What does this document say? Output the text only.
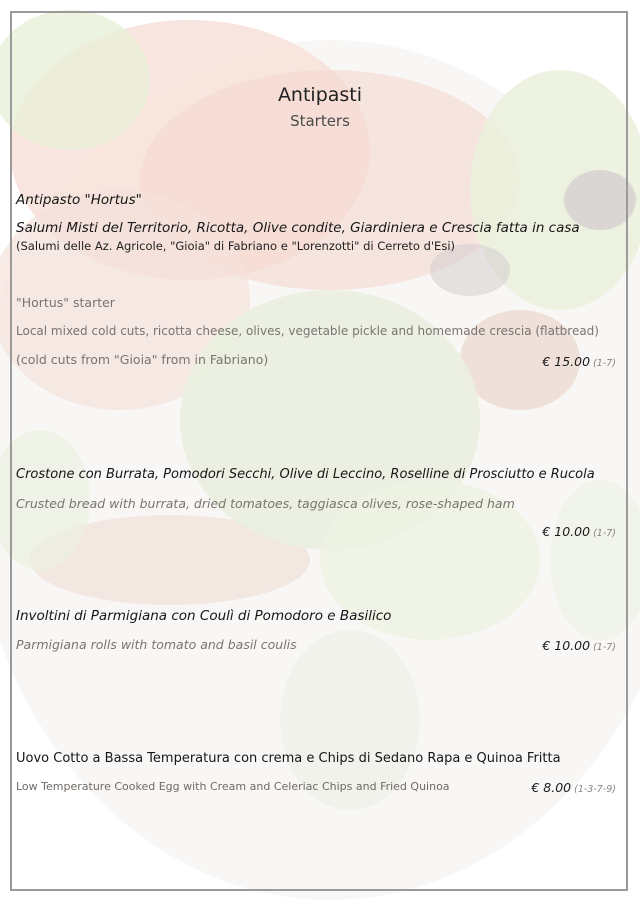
Antipasti
Starters
Antipasto "Hortus"
Salumi Misti del Territorio, Ricotta, Olive condite, Giardiniera e Crescia fatta in casa
(Salumi delle Az. Agricole, "Gioia" di Fabriano e "Lorenzotti" di Cerreto d'Esi)
"Hortus" starter
Local mixed cold cuts, ricotta cheese, olives, vegetable pickle and homemade crescia (flatbread)
(cold cuts from "Gioia" from in Fabriano)	€ 15.00 (1-7)
Crostone con Burrata, Pomodori Secchi, Olive di Leccino, Roselline di Prosciutto e Rucola
Crusted bread with burrata, dried tomatoes, taggiasca olives, rose-shaped ham
€ 10.00 (1-7)
Involtini di Parmigiana con Coulì di Pomodoro e Basilico
Parmigiana rolls with tomato and basil coulis	€ 10.00 (1-7)
Uovo Cotto a Bassa Temperatura con crema e Chips di Sedano Rapa e Quinoa Fritta
Low Temperature Cooked Egg with Cream and Celeriac Chips and Fried Quinoa	€ 8.00 (1-3-7-9)
